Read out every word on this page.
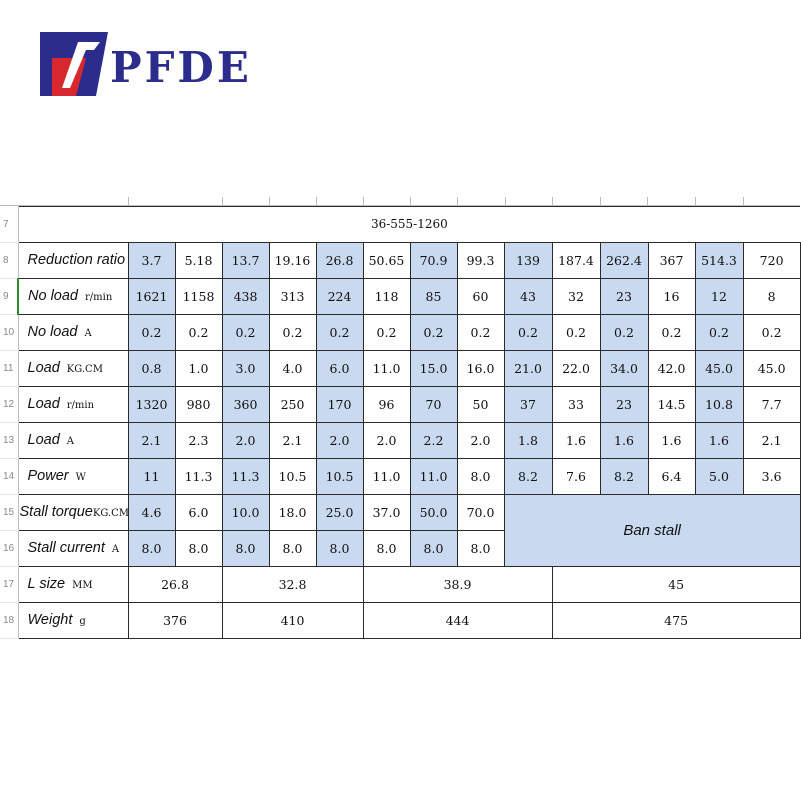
PFDE
7	36-555-1260														
8	Reduction ratio	3.7	5.18	13.7	19.16	26.8	50.65	70.9	99.3	139	187.4	262.4	367	514.3	720
9	No load r/min	1621	1158	438	313	224	118	85	60	43	32	23	16	12	8
10	No load A	0.2	0.2	0.2	0.2	0.2	0.2	0.2	0.2	0.2	0.2	0.2	0.2	0.2	0.2
11	Load KG.CM	0.8	1.0	3.0	4.0	6.0	11.0	15.0	16.0	21.0	22.0	34.0	42.0	45.0	45.0
12	Load r/min	1320	980	360	250	170	96	70	50	37	33	23	14.5	10.8	7.7
13	Load A	2.1	2.3	2.0	2.1	2.0	2.0	2.2	2.0	1.8	1.6	1.6	1.6	1.6	2.1
14	Power W	11	11.3	11.3	10.5	10.5	11.0	11.0	8.0	8.2	7.6	8.2	6.4	5.0	3.6
15	Stall torqueKG.CM	4.6	6.0	10.0	18.0	25.0	37.0	50.0	70.0	Ban stall					
16	Stall current A	8.0	8.0	8.0	8.0	8.0	8.0	8.0	8.0						
17	L size MM	26.8		32.8			38.9				45				
18	Weight g	376		410			444				475				
